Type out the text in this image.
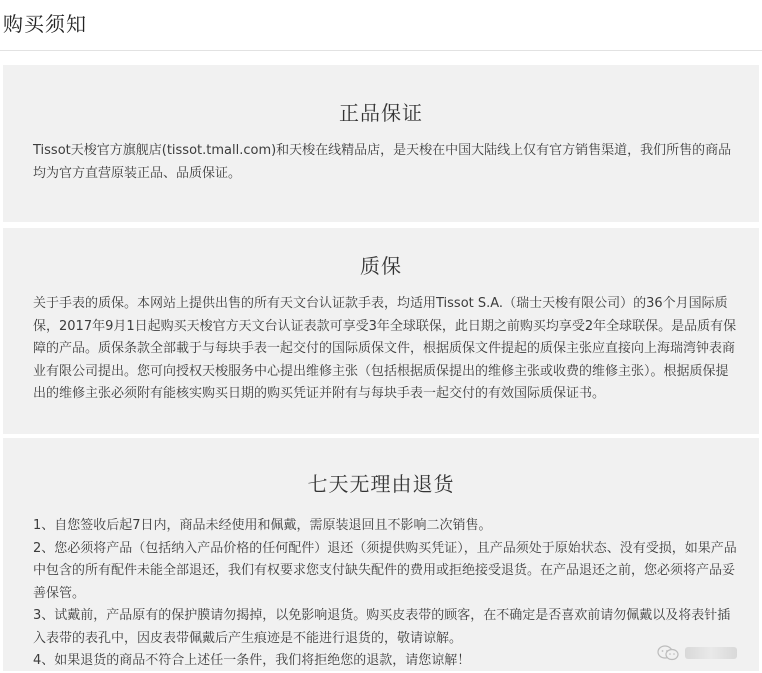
购买须知
正品保证

Tissot天梭官方旗舰店(tissot.tmall.com)和天梭在线精品店，是天梭在中国大陆线上仅有官方销售渠道，我们所售的商品均为官方直营原装正品、品质保证。

质保

关于手表的质保。本网站上提供出售的所有天文台认证款手表，均适用Tissot S.A.（瑞士天梭有限公司）的36个月国际质保，2017年9月1日起购买天梭官方天文台认证表款可享受3年全球联保，此日期之前购买均享受2年全球联保。是品质有保障的产品。质保条款全部載于与每块手表一起交付的国际质保文件，根据质保文件提起的质保主张应直接向上海瑞湾钟表商业有限公司提出。您可向授权天梭服务中心提出维修主张（包括根据质保提出的维修主张或收费的维修主张）。根据质保提出的维修主张必须附有能核实购买日期的购买凭证并附有与每块手表一起交付的有效国际质保证书。

七天无理由退货

1、自您签收后起7日内，商品未经使用和佩戴，需原装退回且不影响二次销售。

2、您必须将产品（包括纳入产品价格的任何配件）退还（须提供购买凭证），且产品须处于原始状态、没有受损，如果产品中包含的所有配件未能全部退还，我们有权要求您支付缺失配件的费用或拒绝接受退货。在产品退还之前，您必须将产品妥善保管。

3、试戴前，产品原有的保护膜请勿揭掉，以免影响退货。购买皮表带的顾客，在不确定是否喜欢前请勿佩戴以及将表针插入表带的表孔中，因皮表带佩戴后产生痕迹是不能进行退货的，敬请谅解。

4、如果退货的商品不符合上述任一条件，我们将拒绝您的退款，请您谅解！
